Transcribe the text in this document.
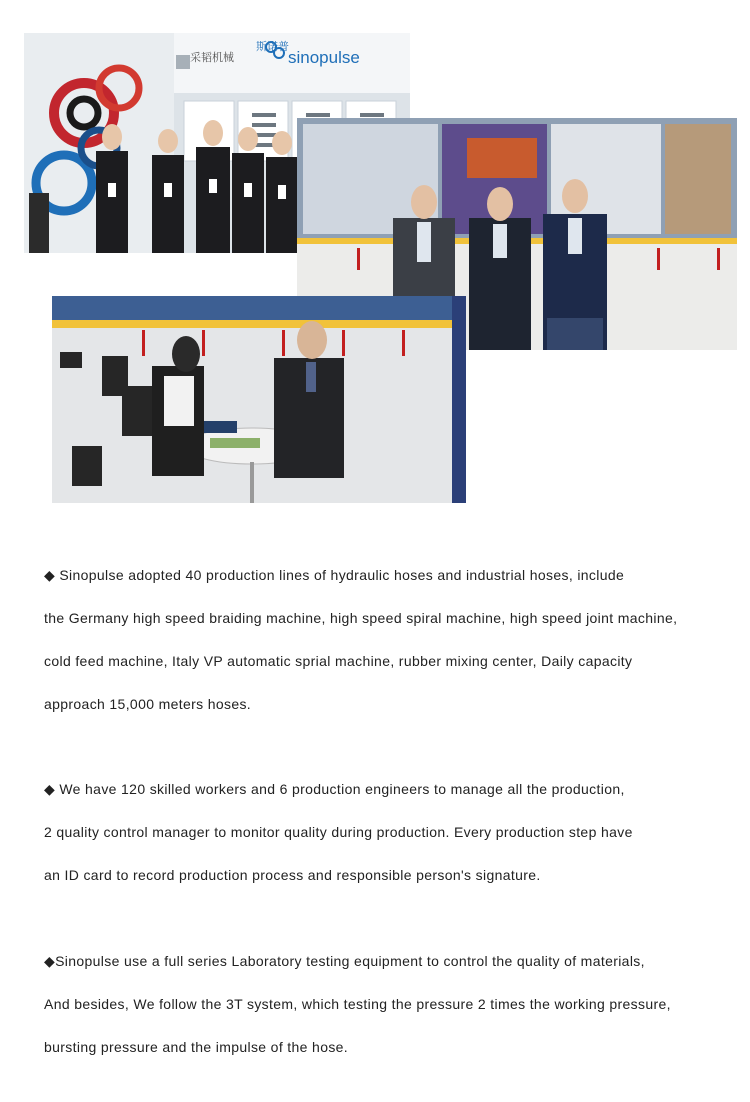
斯诺普
采韬机械	sinopulse
◆ Sinopulse adopted 40 production lines of hydraulic hoses and industrial hoses, include
the Germany high speed braiding machine, high speed spiral machine, high speed joint machine,
cold feed machine, Italy VP automatic sprial machine, rubber mixing center, Daily capacity
approach 15,000 meters hoses.
◆ We have 120 skilled workers and 6 production engineers to manage all the production,
2 quality control manager to monitor quality during production. Every production step have
an ID card to record production process and responsible person's signature.
◆Sinopulse use a full series Laboratory testing equipment to control the quality of materials,
And besides, We follow the 3T system, which testing the pressure 2 times the working pressure,
bursting pressure and the impulse of the hose.
